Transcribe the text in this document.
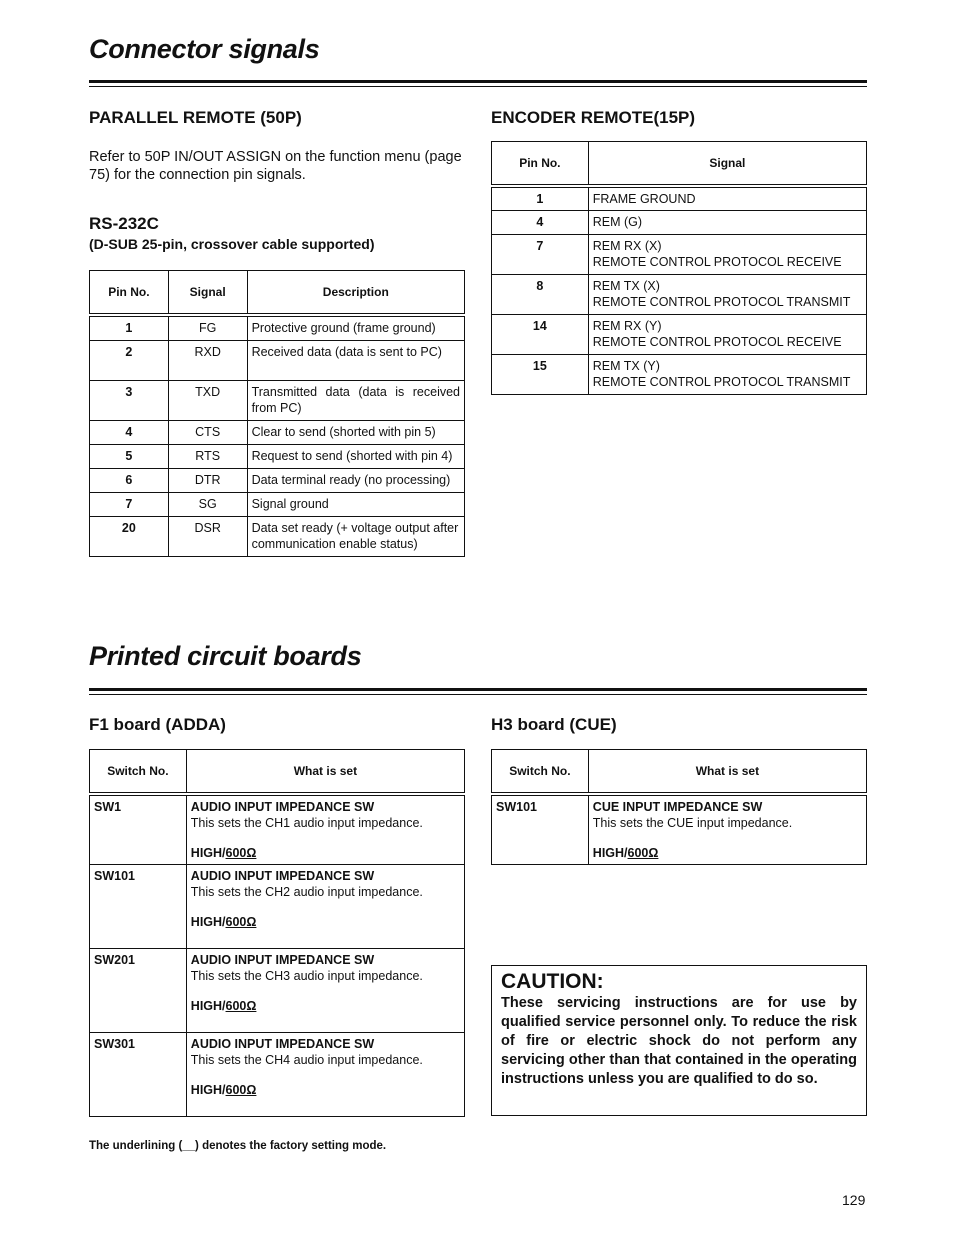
Connector signals
PARALLEL REMOTE (50P)
Refer to 50P IN/OUT ASSIGN on the function menu (page 75) for the connection pin signals.
RS-232C
(D-SUB 25-pin, crossover cable supported)
Pin No.	Signal	Description
1	FG	Protective ground (frame ground)
2	RXD	Received data (data is sent to PC)
3	TXD	Transmitted data (data is received from PC)
4	CTS	Clear to send (shorted with pin 5)
5	RTS	Request to send (shorted with pin 4)
6	DTR	Data terminal ready (no processing)
7	SG	Signal ground
20	DSR	Data set ready (+ voltage output after communication enable status)
ENCODER REMOTE(15P)
Pin No.	Signal
1	FRAME GROUND

4	REM (G)

7	REM RX (X)
REMOTE CONTROL PROTOCOL RECEIVE

8	REM TX (X)
REMOTE CONTROL PROTOCOL TRANSMIT

14	REM RX (Y)
REMOTE CONTROL PROTOCOL RECEIVE

15	REM TX (Y)
REMOTE CONTROL PROTOCOL TRANSMIT
Printed circuit boards
F1 board (ADDA)
Switch No.	What is set
SW1	AUDIO INPUT IMPEDANCE SW
This sets the CH1 audio input impedance.
HIGH/600Ω

SW101	AUDIO INPUT IMPEDANCE SW
This sets the CH2 audio input impedance.
HIGH/600Ω

SW201	AUDIO INPUT IMPEDANCE SW
This sets the CH3 audio input impedance.
HIGH/600Ω

SW301	AUDIO INPUT IMPEDANCE SW
This sets the CH4 audio input impedance.
HIGH/600Ω
H3 board (CUE)
Switch No.	What is set
SW101	CUE INPUT IMPEDANCE SW
This sets the CUE input impedance.
HIGH/600Ω
CAUTION:
These servicing instructions are for use by qualified service personnel only. To reduce the risk of fire or electric shock do not perform any servicing other than that contained in the operating instructions unless you are qualified to do so.
The underlining (__) denotes the factory setting mode.
129
